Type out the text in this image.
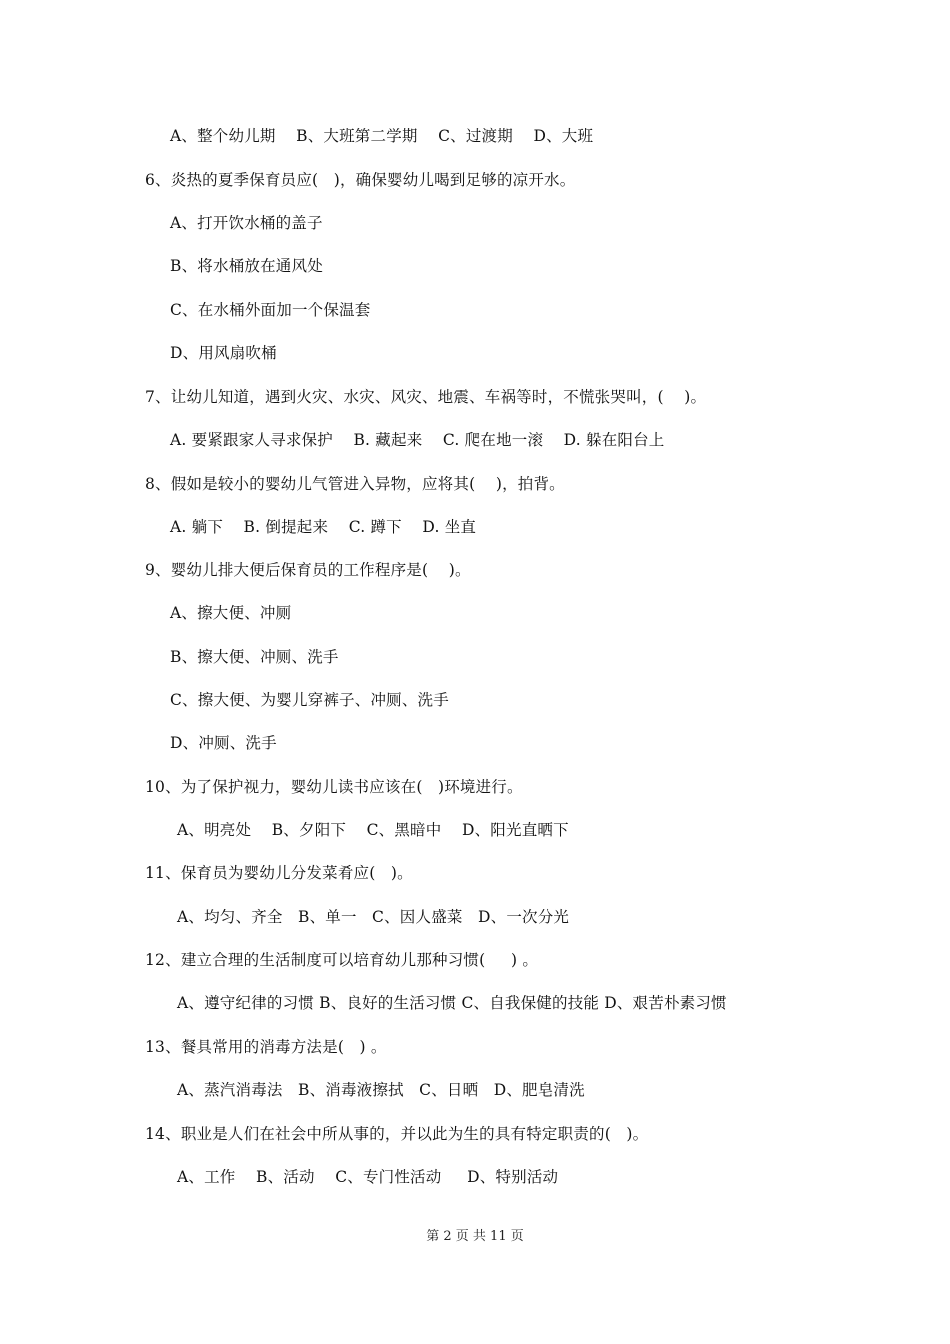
A、整个幼儿期    B、大班第二学期    C、过渡期    D、大班
6、炎热的夏季保育员应(   )，确保婴幼儿喝到足够的凉开水。
A、打开饮水桶的盖子
B、将水桶放在通风处
C、在水桶外面加一个保温套
D、用风扇吹桶
7、让幼儿知道，遇到火灾、水灾、风灾、地震、车祸等时，不慌张哭叫，(    )。
A. 要紧跟家人寻求保护    B. 藏起来    C. 爬在地一滚    D. 躲在阳台上
8、假如是较小的婴幼儿气管进入异物，应将其(    )，拍背。
A. 躺下    B. 倒提起来    C. 蹲下    D. 坐直
9、婴幼儿排大便后保育员的工作程序是(    )。
A、擦大便、冲厕
B、擦大便、冲厕、洗手
C、擦大便、为婴儿穿裤子、冲厕、洗手
D、冲厕、洗手
10、为了保护视力，婴幼儿读书应该在(   )环境进行。
A、明亮处    B、夕阳下    C、黑暗中    D、阳光直晒下
11、保育员为婴幼儿分发菜肴应(   )。
A、均匀、齐全   B、单一   C、因人盛菜   D、一次分光
12、建立合理的生活制度可以培育幼儿那种习惯(     ) 。
A、遵守纪律的习惯 B、良好的生活习惯 C、自我保健的技能 D、艰苦朴素习惯
13、餐具常用的消毒方法是(   ) 。
A、蒸汽消毒法   B、消毒液擦拭   C、日晒   D、肥皂清洗
14、职业是人们在社会中所从事的，并以此为生的具有特定职责的(   )。
A、工作    B、活动    C、专门性活动     D、特别活动
第 2 页 共 11 页
